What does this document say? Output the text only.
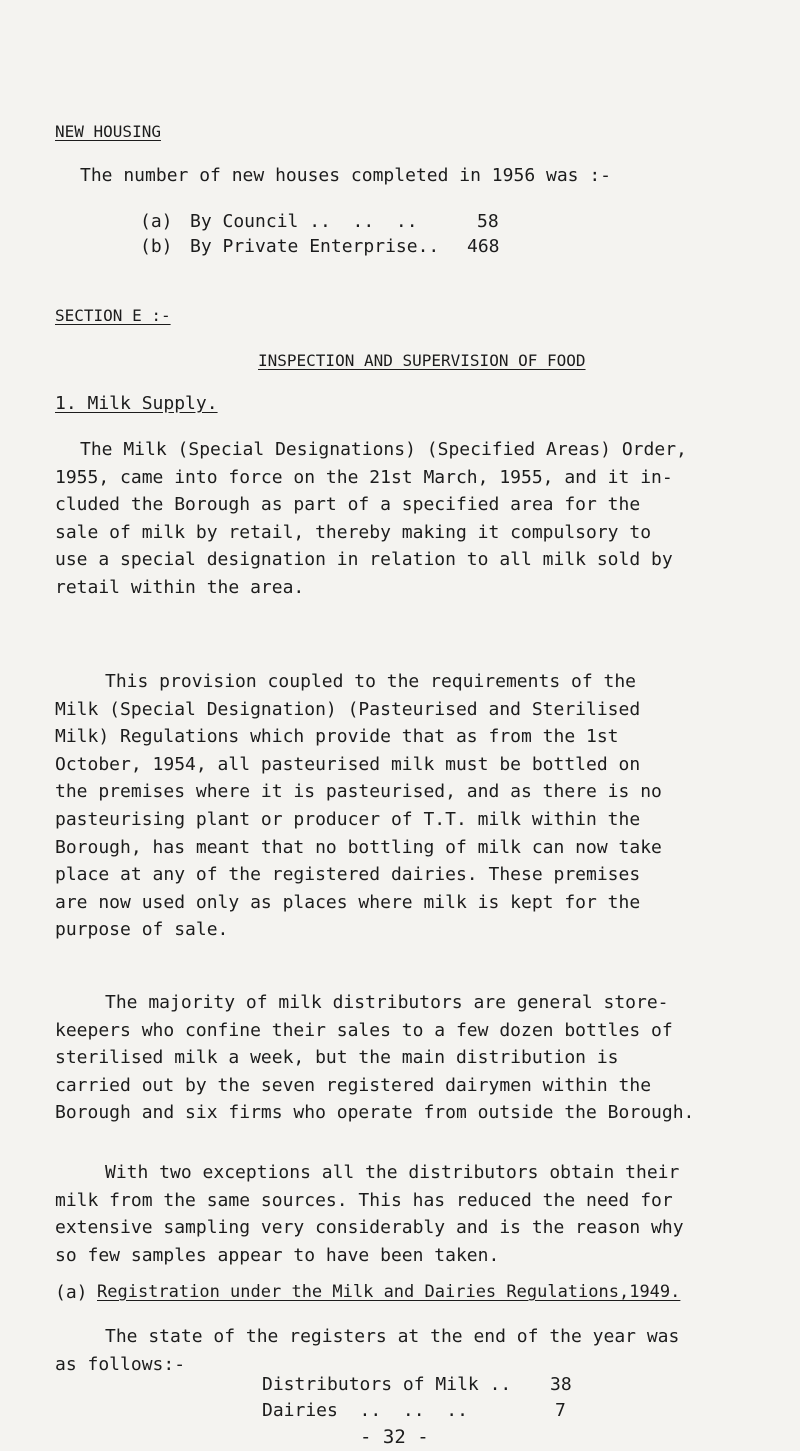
NEW HOUSING
The number of new houses completed in 1956 was :-
(a) By Council ..  ..  ..	58
(b) By Private Enterprise.. 468
SECTION E :-
INSPECTION AND SUPERVISION OF FOOD
1. Milk Supply.

The Milk (Special Designations) (Specified Areas) Order,

1955, came into force on the 21st March, 1955, and it in-

cluded the Borough as part of a specified area for the

sale of milk by retail, thereby making it compulsory to

use a special designation in relation to all milk sold by

retail within the area.

This provision coupled to the requirements of the

Milk (Special Designation) (Pasteurised and Sterilised

Milk) Regulations which provide that as from the 1st

October, 1954, all pasteurised milk must be bottled on

the premises where it is pasteurised, and as there is no

pasteurising plant or producer of T.T. milk within the

Borough, has meant that no bottling of milk can now take

place at any of the registered dairies. These premises

are now used only as places where milk is kept for the

purpose of sale.

The majority of milk distributors are general store-

keepers who confine their sales to a few dozen bottles of

sterilised milk a week, but the main distribution is

carried out by the seven registered dairymen within the

Borough and six firms who operate from outside the Borough.

With two exceptions all the distributors obtain their

milk from the same sources. This has reduced the need for

extensive sampling very considerably and is the reason why

so few samples appear to have been taken.

(a) Registration under the Milk and Dairies Regulations,1949.

The state of the registers at the end of the year was

as follows:-

Distributors of Milk .. 38
Dairies  ..  ..  ..	7
- 32 -
